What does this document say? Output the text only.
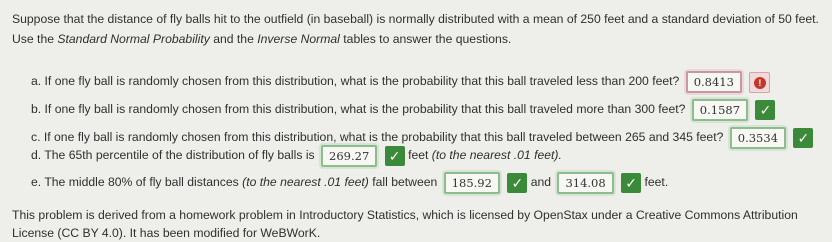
Suppose that the distance of fly balls hit to the outfield (in baseball) is normally distributed with a mean of 250 feet and a standard deviation of 50 feet.
Use the Standard Normal Probability and the Inverse Normal tables to answer the questions.
a. If one fly ball is randomly chosen from this distribution, what is the probability that this ball traveled less than 200 feet? 0.8413	!
b. If one fly ball is randomly chosen from this distribution, what is the probability that this ball traveled more than 300 feet? 0.1587 ✓
c. If one fly ball is randomly chosen from this distribution, what is the probability that this ball traveled between 265 and 345 feet? 0.3534 ✓
d. The 65th percentile of the distribution of fly balls is 269.27 ✓ feet (to the nearest .01 feet).
e. The middle 80% of fly ball distances (to the nearest .01 feet) fall between 185.92 ✓ and 314.08 ✓ feet.
This problem is derived from a homework problem in Introductory Statistics, which is licensed by OpenStax under a Creative Commons Attribution
License (CC BY 4.0). It has been modified for WeBWorK.
